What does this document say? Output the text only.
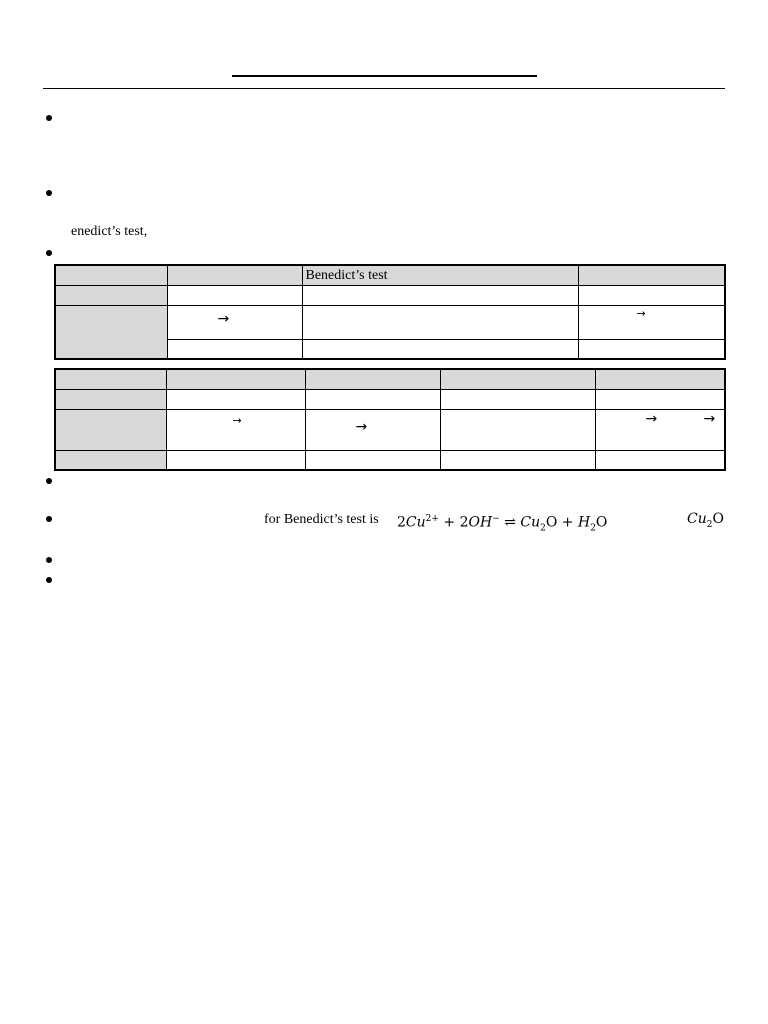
enedict’s test,
		Benedict’s test	

	→		→

	→	→		→ →

for Benedict’s test is $2Cu^{2+} + 2OH^-$ ⇌ $Cu_2O + H_2O$	$Cu_2O$
